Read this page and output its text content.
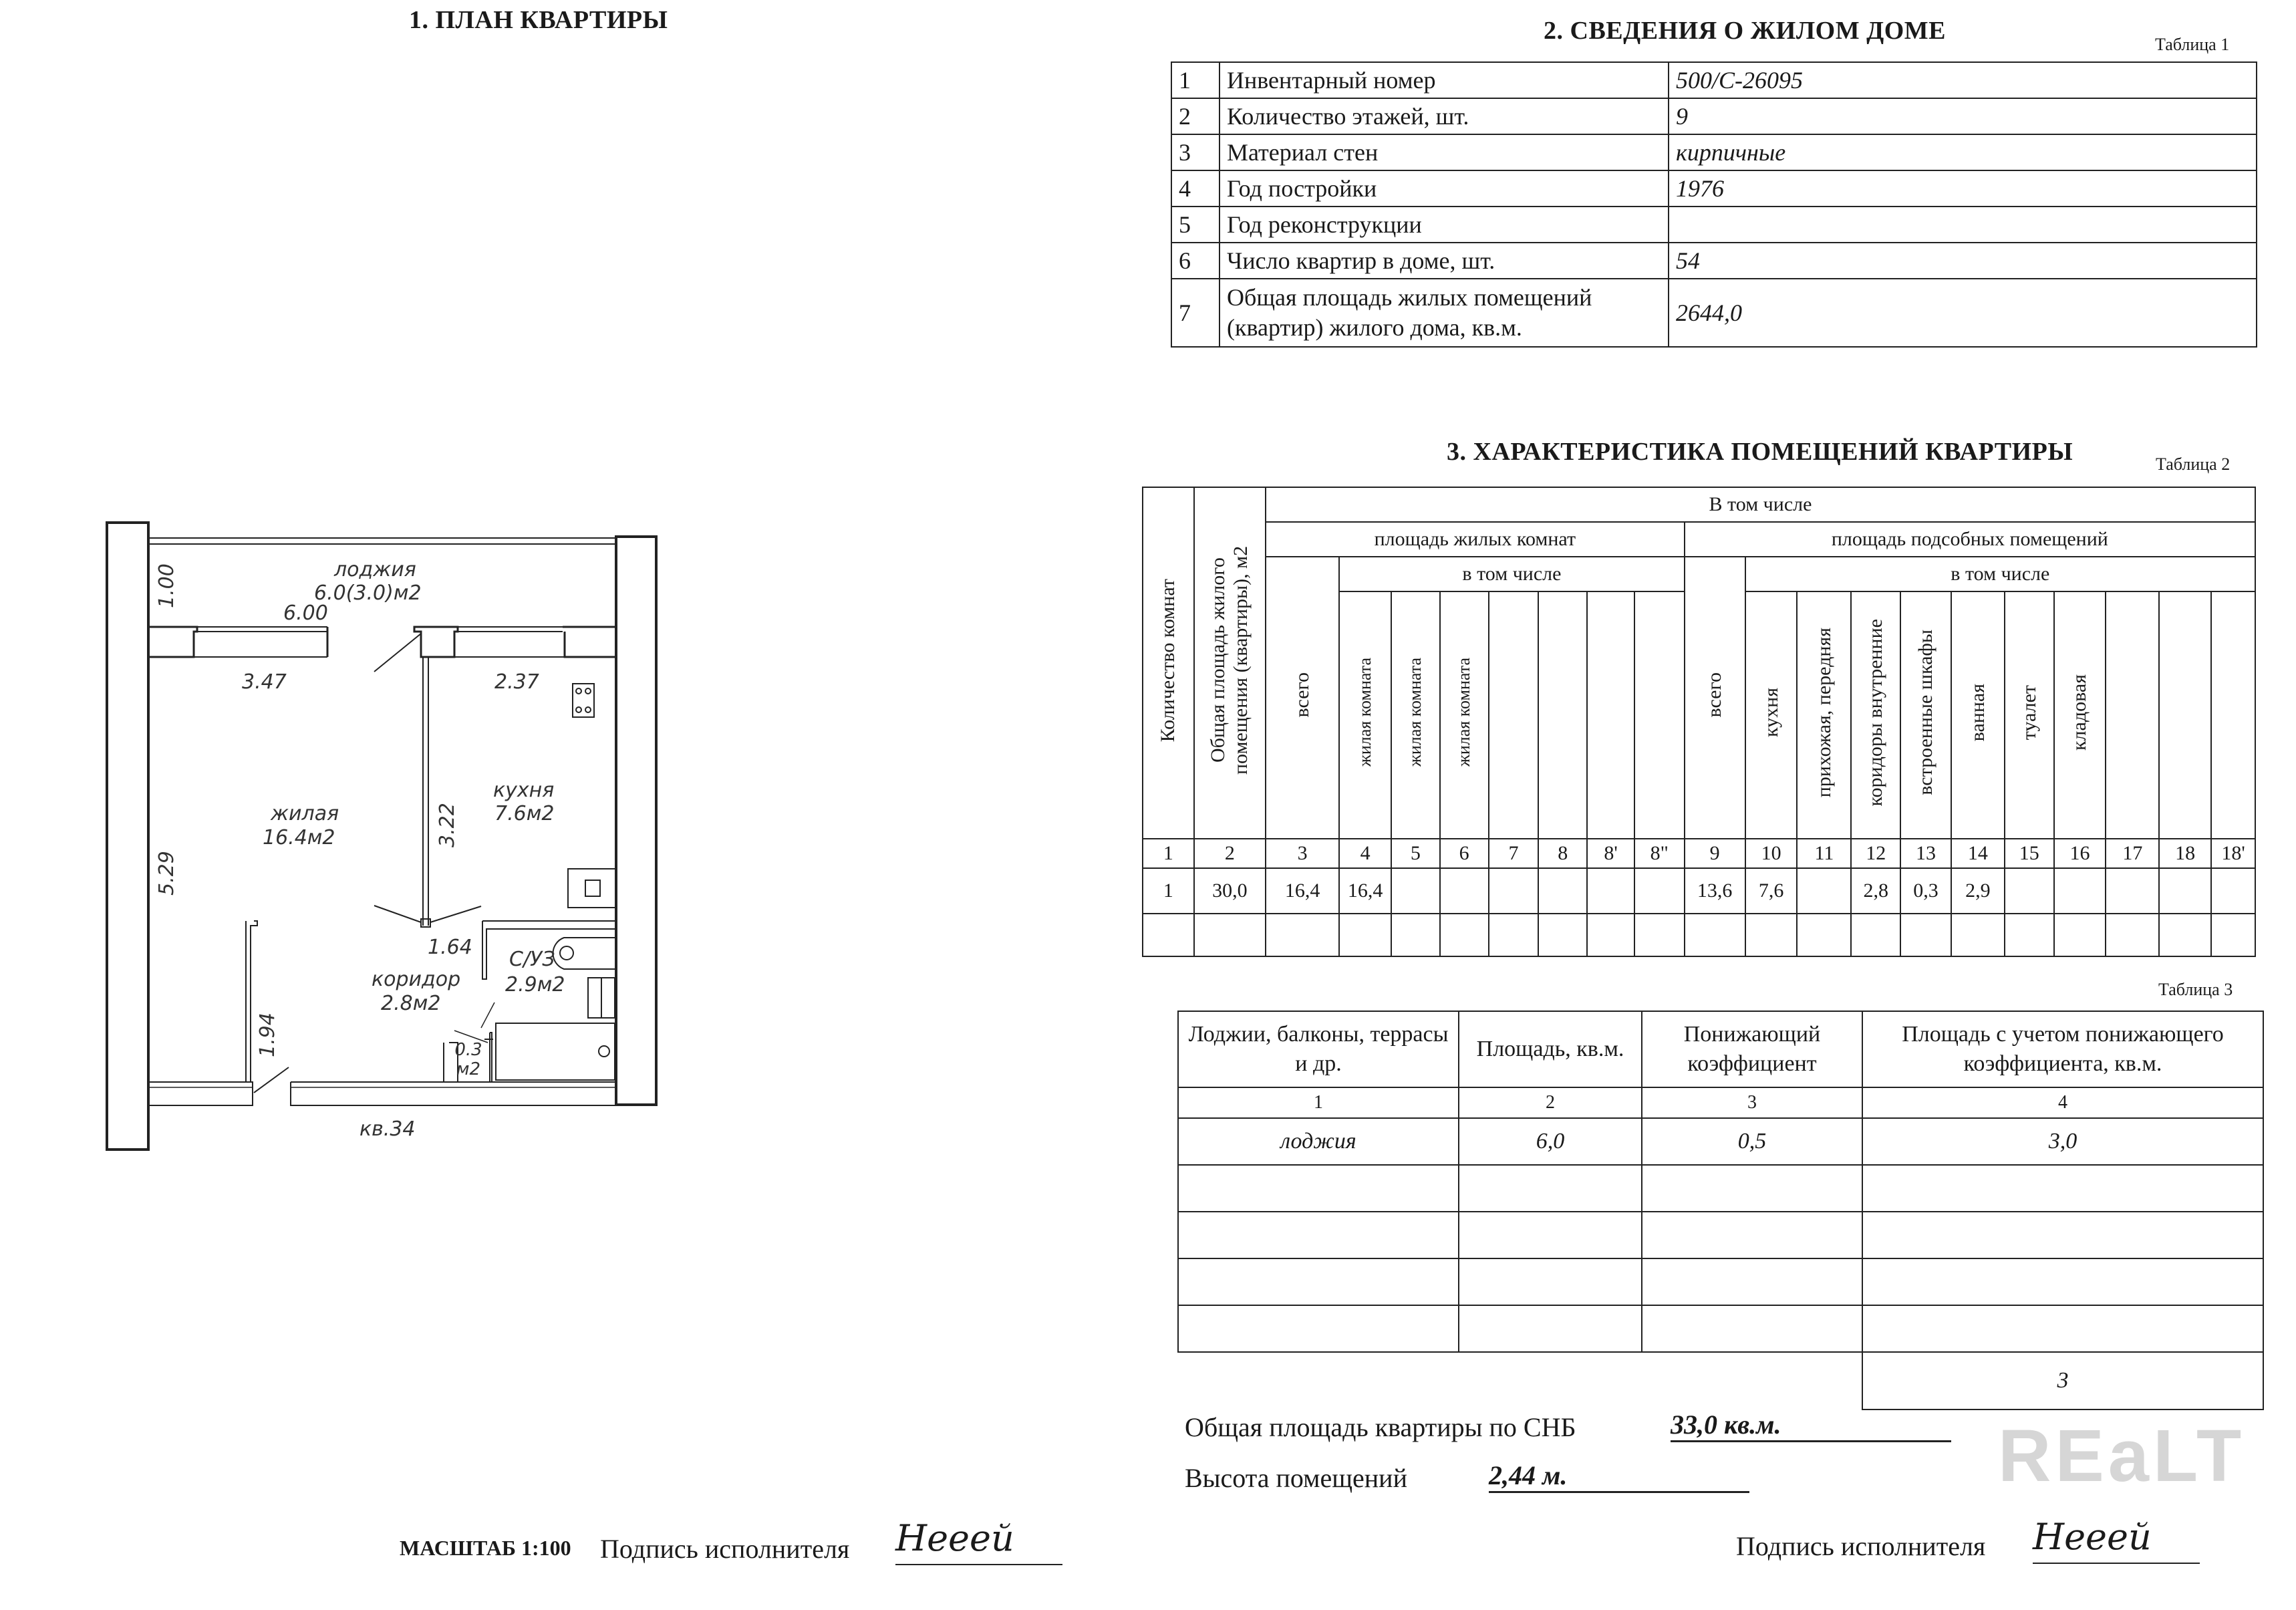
1. ПЛАН КВАРТИРЫ
лоджия
6.0(3.0)м2
жилая
16.4м2
кухня
7.6м2
коридор
2.8м2
С/УЗ
2.9м2
0.3 м2
1.00
6.00
3.47	2.37
5.29
3.22
1.64
1.94
кв.34
МАСШТАБ 1:100 Подпись исполнителя Нееей
2. СВЕДЕНИЯ О ЖИЛОМ ДОМЕ	Таблица 1
1	Инвентарный номер	500/С-26095
2	Количество этажей, шт.	9
3	Материал стен	кирпичные
4	Год постройки	1976
5	Год реконструкции	
6	Число квартир в доме, шт.	54
7	Общая площадь жилых помещений (квартир) жилого дома, кв.м.	2644,0
3. ХАРАКТЕРИСТИКА ПОМЕЩЕНИЙ КВАРТИРЫ	Таблица 2
Количество комнат	Общая площадь жилого помещения (квартиры), м2	В том числе																		
		площадь жилых комнат								площадь подсобных помещений										
		всего	в том числе							всего	в том числе									
			жилая комната	жилая комната	жилая комната						кухня	прихожая, передняя	коридоры внутренние	встроенные шкафы	ванная	туалет	кладовая			
1	2	3	4	5	6	7	8	8'	8"	9	10	11	12	13	14	15	16	17	18	18'
1	30,0	16,4	16,4							13,6	7,6		2,8	0,3	2,9					

Таблица 3
Лоджии, балконы, террасы и др.	Площадь, кв.м.	Понижающий коэффициент	Площадь с учетом понижающего коэффициента, кв.м.
1	2	3	4
лоджия	6,0	0,5	3,0

			3
REaLT
Общая площадь квартиры по СНБ	33,0 кв.м.
Высота помещений	2,44 м.
Подпись исполнителя Нееей
